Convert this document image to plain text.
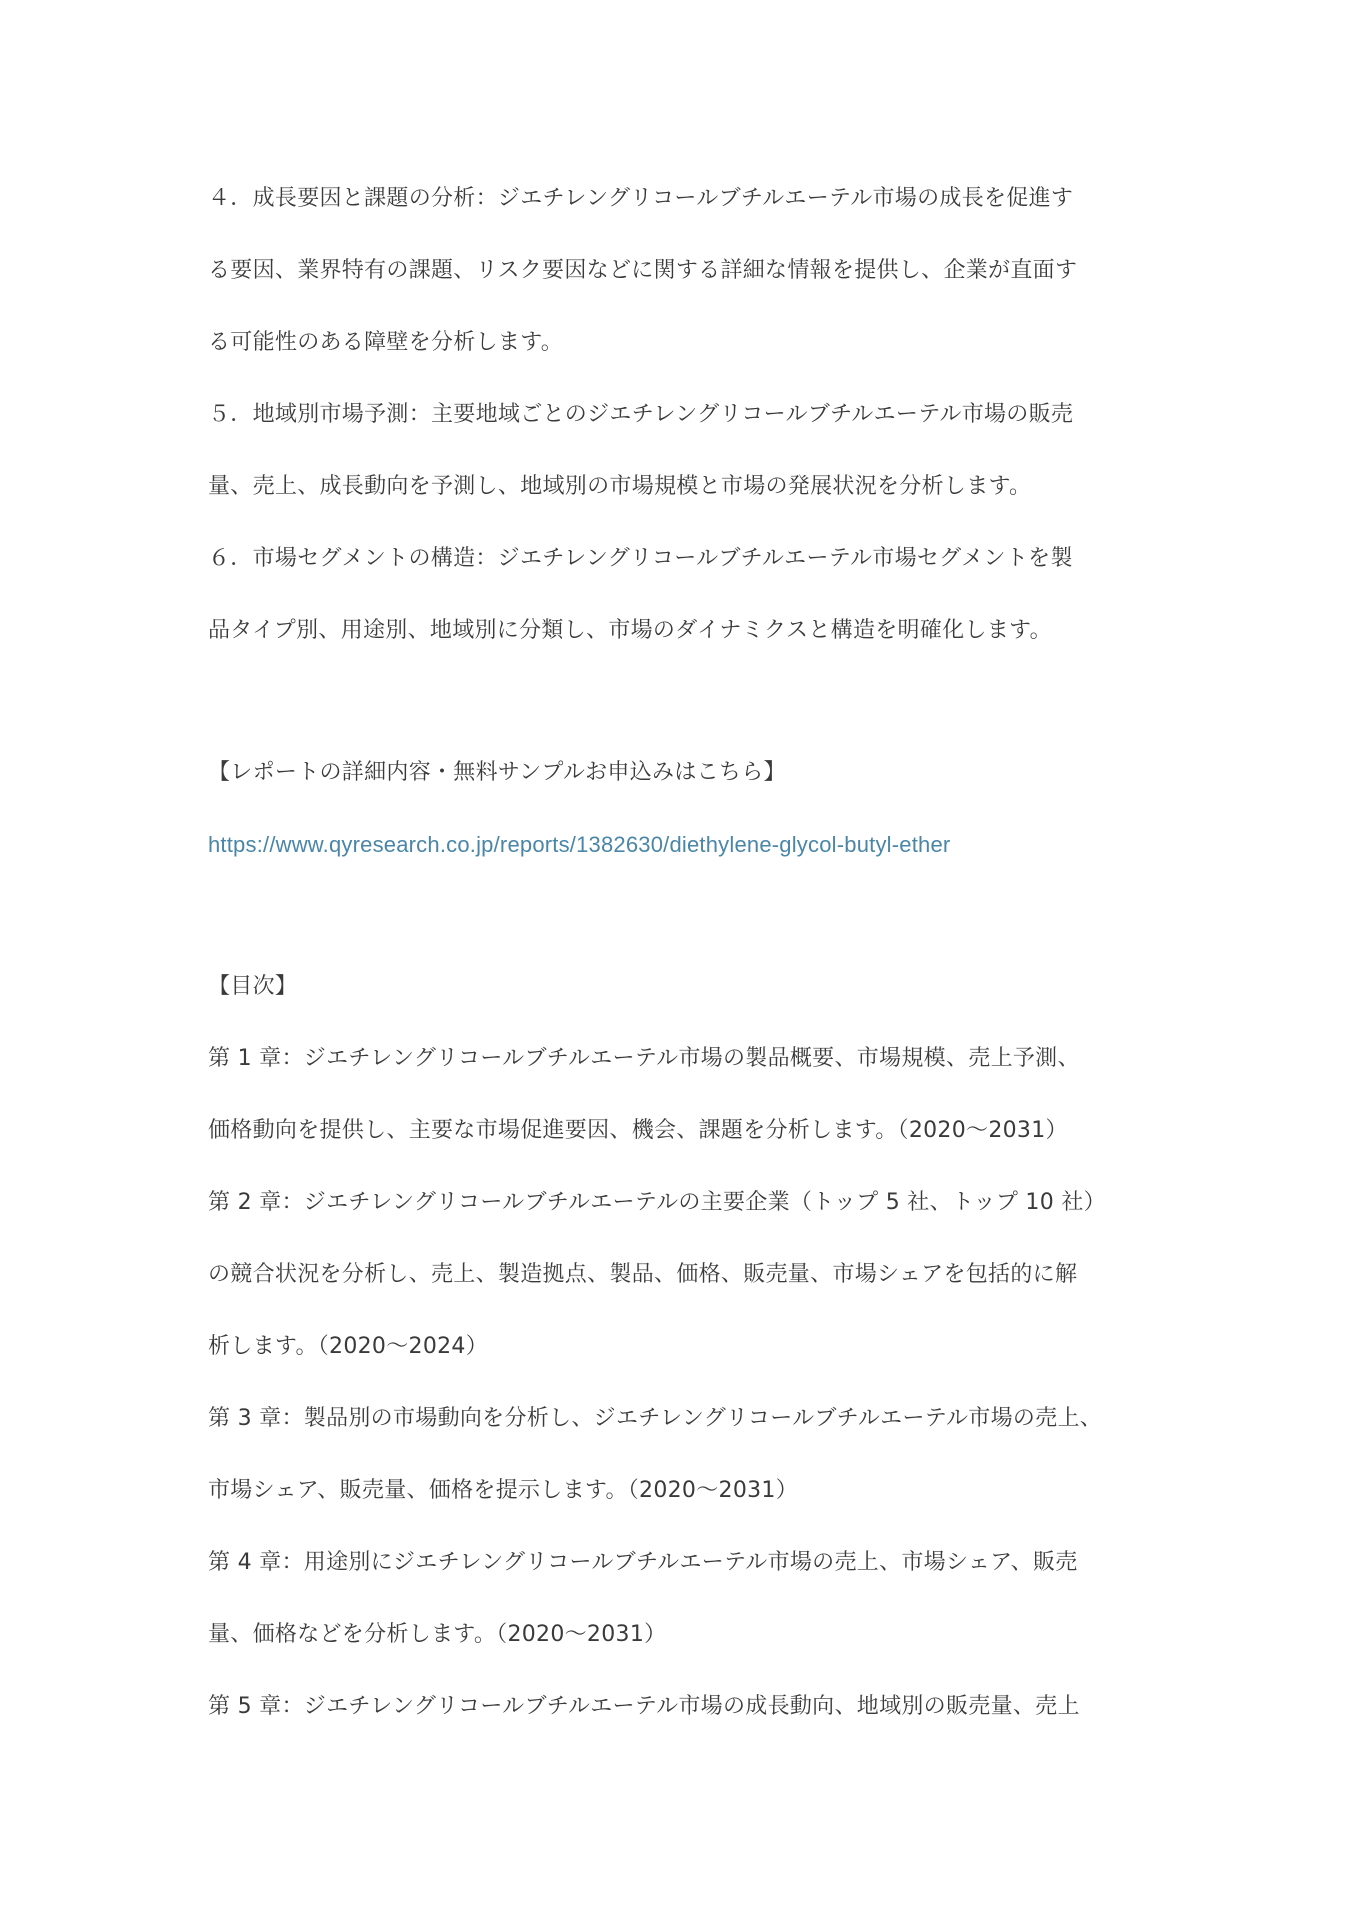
４．成長要因と課題の分析：ジエチレングリコールブチルエーテル市場の成長を促進す
る要因、業界特有の課題、リスク要因などに関する詳細な情報を提供し、企業が直面す
る可能性のある障壁を分析します。
５．地域別市場予測：主要地域ごとのジエチレングリコールブチルエーテル市場の販売
量、売上、成長動向を予測し、地域別の市場規模と市場の発展状況を分析します。
６．市場セグメントの構造：ジエチレングリコールブチルエーテル市場セグメントを製
品タイプ別、用途別、地域別に分類し、市場のダイナミクスと構造を明確化します。
【レポートの詳細内容・無料サンプルお申込みはこちら】
https://www.qyresearch.co.jp/reports/1382630/diethylene-glycol-butyl-ether
【目次】
第 1 章：ジエチレングリコールブチルエーテル市場の製品概要、市場規模、売上予測、
価格動向を提供し、主要な市場促進要因、機会、課題を分析します。（2020～2031）
第 2 章：ジエチレングリコールブチルエーテルの主要企業（トップ 5 社、トップ 10 社）
の競合状況を分析し、売上、製造拠点、製品、価格、販売量、市場シェアを包括的に解
析します。（2020～2024）
第 3 章：製品別の市場動向を分析し、ジエチレングリコールブチルエーテル市場の売上、
市場シェア、販売量、価格を提示します。（2020～2031）
第 4 章：用途別にジエチレングリコールブチルエーテル市場の売上、市場シェア、販売
量、価格などを分析します。（2020～2031）
第 5 章：ジエチレングリコールブチルエーテル市場の成長動向、地域別の販売量、売上
